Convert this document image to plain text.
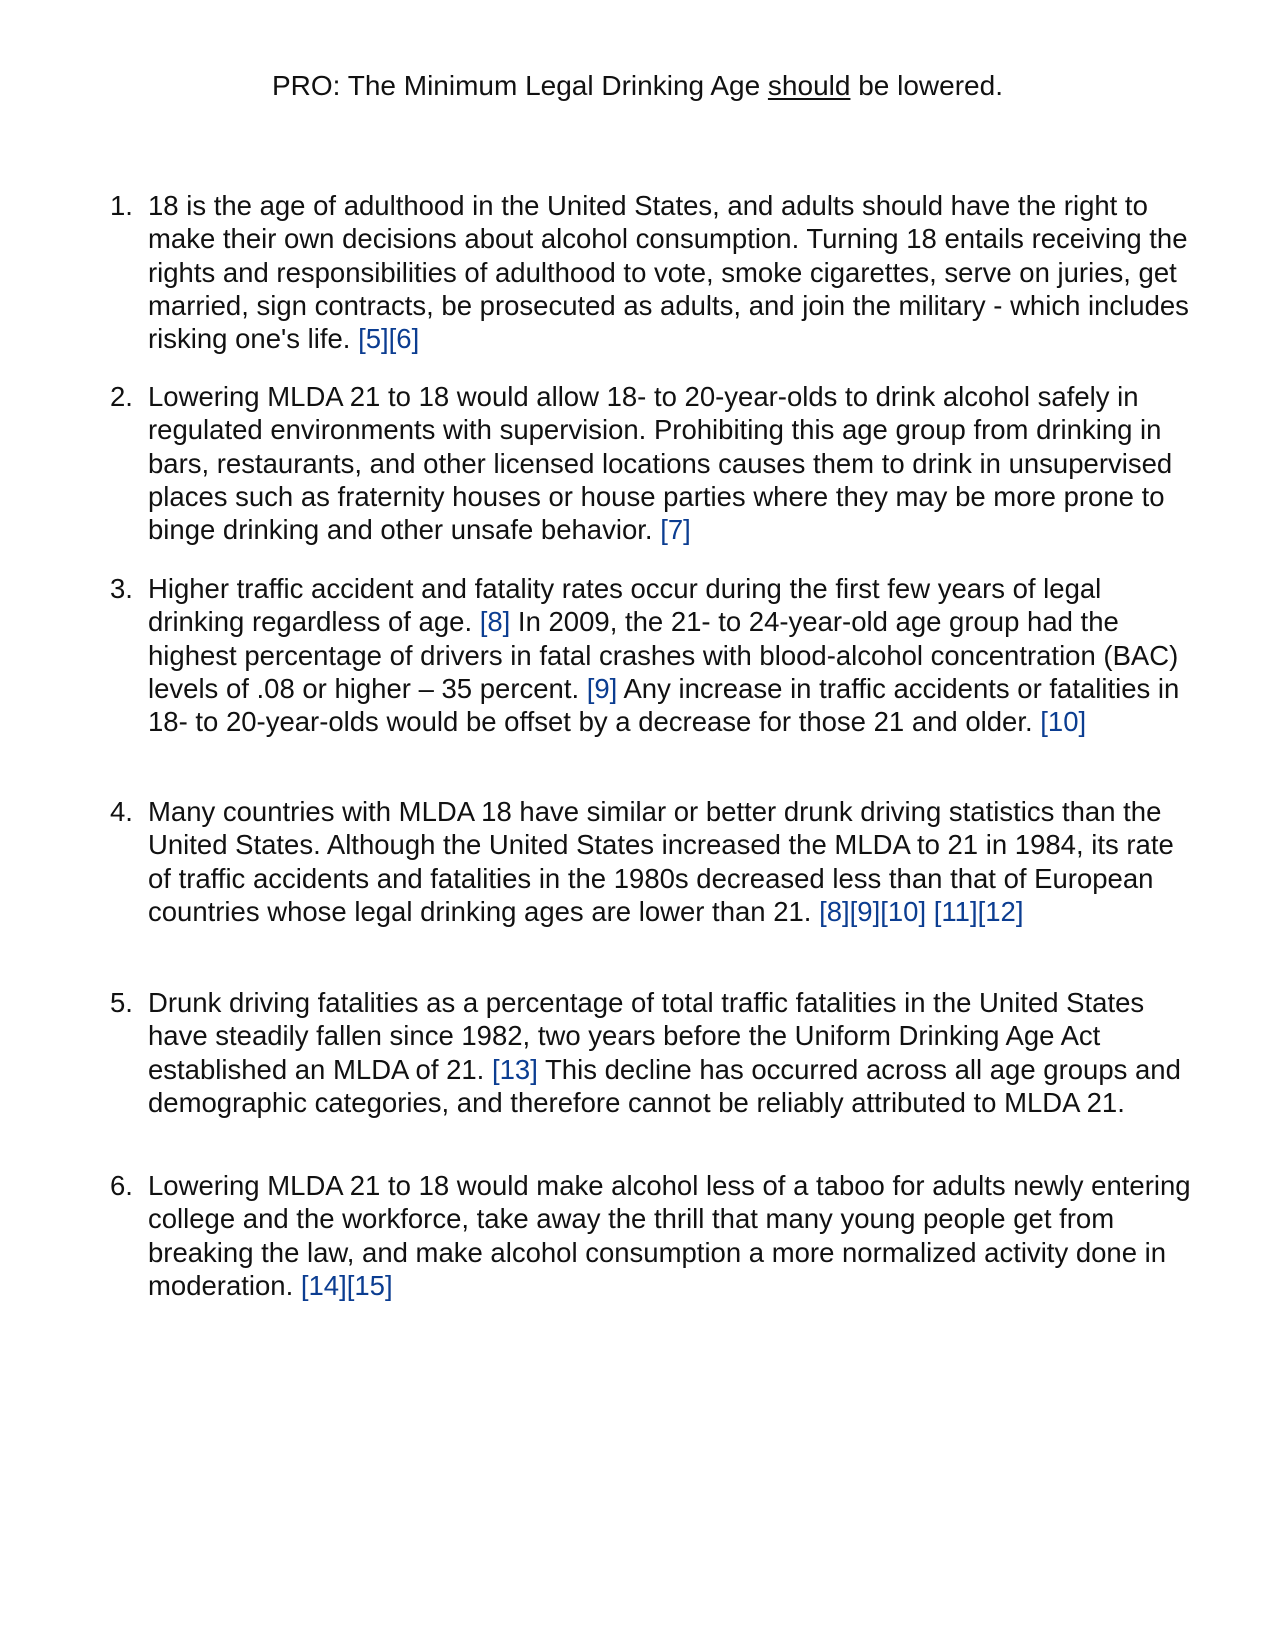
PRO: The Minimum Legal Drinking Age should be lowered.
1. 18 is the age of adulthood in the United States, and adults should have the right to make their own decisions about alcohol consumption. Turning 18 entails receiving the rights and responsibilities of adulthood to vote, smoke cigarettes, serve on juries, get married, sign contracts, be prosecuted as adults, and join the military - which includes risking one's life. [5][6]
2. Lowering MLDA 21 to 18 would allow 18- to 20-year-olds to drink alcohol safely in regulated environments with supervision. Prohibiting this age group from drinking in bars, restaurants, and other licensed locations causes them to drink in unsupervised places such as fraternity houses or house parties where they may be more prone to binge drinking and other unsafe behavior. [7]
3. Higher traffic accident and fatality rates occur during the first few years of legal drinking regardless of age. [8] In 2009, the 21- to 24-year-old age group had the highest percentage of drivers in fatal crashes with blood-alcohol concentration (BAC) levels of .08 or higher – 35 percent. [9] Any increase in traffic accidents or fatalities in 18- to 20-year-olds would be offset by a decrease for those 21 and older. [10]
4. Many countries with MLDA 18 have similar or better drunk driving statistics than the United States. Although the United States increased the MLDA to 21 in 1984, its rate of traffic accidents and fatalities in the 1980s decreased less than that of European countries whose legal drinking ages are lower than 21. [8][9][10] [11][12]
5. Drunk driving fatalities as a percentage of total traffic fatalities in the United States have steadily fallen since 1982, two years before the Uniform Drinking Age Act established an MLDA of 21. [13] This decline has occurred across all age groups and demographic categories, and therefore cannot be reliably attributed to MLDA 21.
6. Lowering MLDA 21 to 18 would make alcohol less of a taboo for adults newly entering college and the workforce, take away the thrill that many young people get from breaking the law, and make alcohol consumption a more normalized activity done in moderation. [14][15]
